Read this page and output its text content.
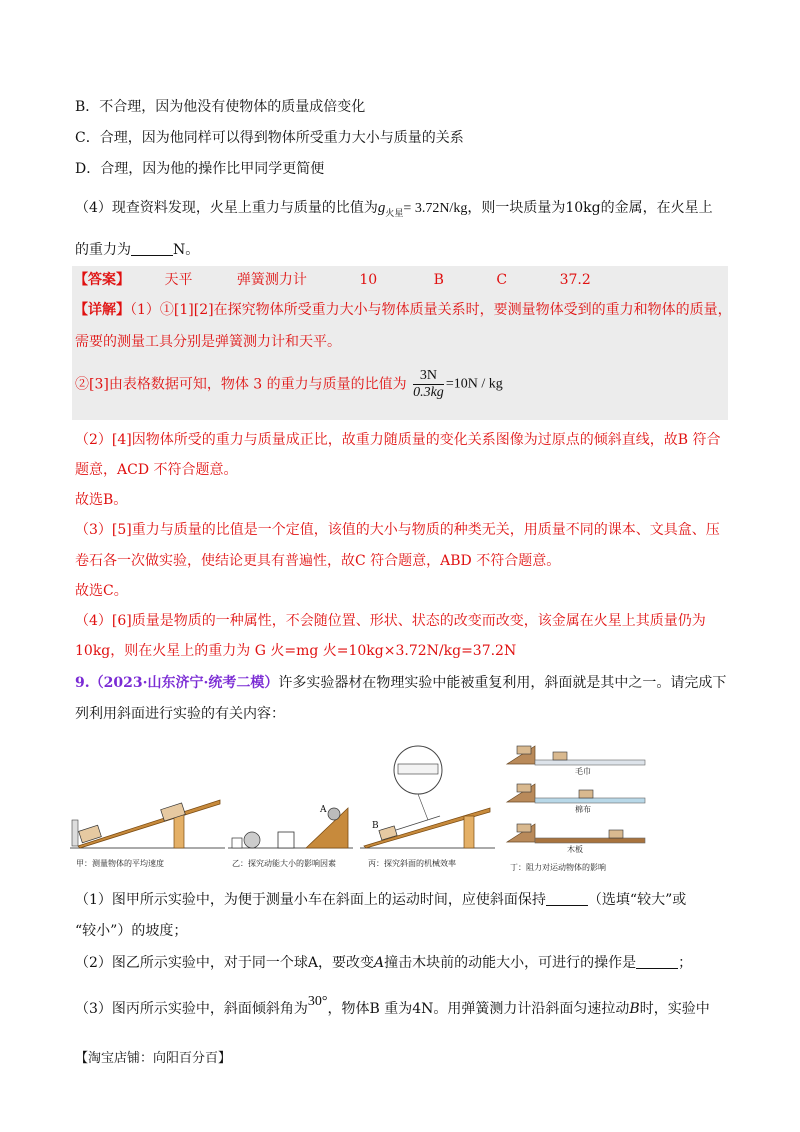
B．不合理，因为他没有使物体的质量成倍变化
C．合理，因为他同样可以得到物体所受重力大小与质量的关系
D．合理，因为他的操作比甲同学更简便
（4）现查资料发现，火星上重力与质量的比值为$g_{火星}= 3.72N/kg$，则一块质量为10kg的金属，在火星上
的重力为	N。
【答案】 天平	弹簧测力计	10	B	C	37.2
【详解】（1）①[1][2]在探究物体所受重力大小与物体质量关系时，要测量物体受到的重力和物体的质量，
需要的测量工具分别是弹簧测力计和天平。
②[3]由表格数据可知，物体 3 的重力与质量的比值为 $\frac{3N}{0.3kg} =10N$ / kg
（2）[4]因物体所受的重力与质量成正比，故重力随质量的变化关系图像为过原点的倾斜直线，故B 符合
题意，ACD 不符合题意。
故选B。
（3）[5]重力与质量的比值是一个定值，该值的大小与物质的种类无关，用质量不同的课本、文具盒、压
卷石各一次做实验，使结论更具有普遍性，故C 符合题意，ABD 不符合题意。
故选C。
（4）[6]质量是物质的一种属性，不会随位置、形状、状态的改变而改变，该金属在火星上其质量仍为
10kg，则在火星上的重力为 G 火=mg 火=10kg×3.72N/kg=37.2N
9.（2023·山东济宁·统考二模）许多实验器材在物理实验中能被重复利用，斜面就是其中之一。请完成下
列利用斜面进行实验的有关内容：
甲：测量物体的平均速度
A
乙：探究动能大小的影响因素
B
丙：探究斜面的机械效率
毛巾
棉布
木板
丁：阻力对运动物体的影响
（1）图甲所示实验中，为便于测量小车在斜面上的运动时间，应使斜面保持	（选填“较大”或
“较小”）的坡度；
（2）图乙所示实验中，对于同一个球A，要改变A撞击木块前的动能大小，可进行的操作是	；
（3）图丙所示实验中，斜面倾斜角为30°，物体B 重为4N。用弹簧测力计沿斜面匀速拉动B时，实验中
【淘宝店铺：向阳百分百】
